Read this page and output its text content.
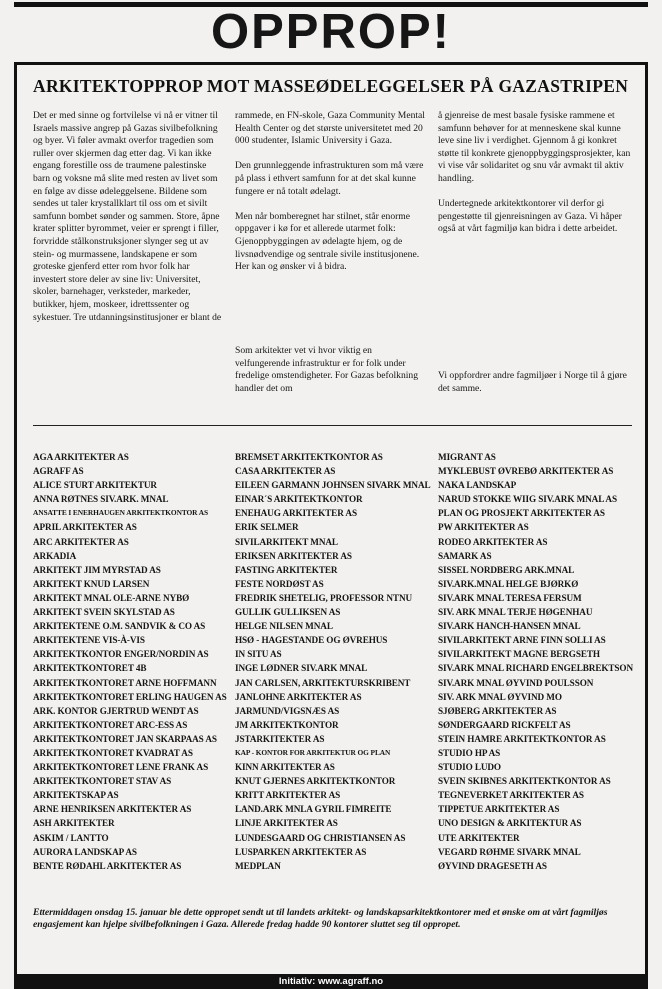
OPPROP!
ARKITEKTOPPROP MOT MASSEØDELEGGELSER PÅ GAZASTRIPEN

Det er med sinne og fortvilelse vi nå er vitner til Israels massive angrep på Gazas sivilbefolkning og byer. Vi føler avmakt overfor tragedien som ruller over skjermen dag etter dag. Vi kan ikke engang forestille oss de traumene palestinske barn og voksne må slite med resten av livet som en følge av disse ødeleggelsene. Bildene som sendes ut taler krystallklart til oss om et sivilt samfunn bombet sønder og sammen. Store, åpne krater splitter byrommet, veier er sprengt i filler, forvridde stålkonstruksjoner slynger seg ut av stein- og murmassene, landskapene er som groteske gjenferd etter rom hvor folk har investert store deler av sine liv: Universitet, skoler, barnehager, verksteder, markeder, butikker, hjem, moskeer, idrettssenter og sykestuer. Tre utdanningsinstitusjoner er blant de

rammede, en FN-skole, Gaza Community Mental Health Center og det største universitetet med 20 000 studenter, Islamic University i Gaza.

Den grunnleggende infrastrukturen som må være på plass i ethvert samfunn for at det skal kunne fungere er nå totalt ødelagt.

Men når bomberegnet har stilnet, står enorme oppgaver i kø for et allerede utarmet folk: Gjenoppbyggingen av ødelagte hjem, og de livsnødvendige og sentrale sivile institusjonene. Her kan og ønsker vi å bidra.

Som arkitekter vet vi hvor viktig en velfungerende infrastruktur er for folk under fredelige omstendigheter. For Gazas befolkning handler det om

å gjenreise de mest basale fysiske rammene et samfunn behøver for at menneskene skal kunne leve sine liv i verdighet. Gjennom å gi konkret støtte til konkrete gjenoppbyggingsprosjekter, kan vi vise vår solidaritet og snu vår avmakt til aktiv handling.

Undertegnede arkitektkontorer vil derfor gi pengestøtte til gjenreisningen av Gaza. Vi håper også at vårt fagmiljø kan bidra i dette arbeidet.

Vi oppfordrer andre fagmiljøer i Norge til å gjøre det samme.

AGA ARKITEKTER AS
AGRAFF AS
ALICE STURT ARKITEKTUR
ANNA RØTNES SIV.ARK. MNAL
ANSATTE I ENERHAUGEN ARKITEKTKONTOR AS
APRIL ARKITEKTER AS
ARC ARKITEKTER AS
ARKADIA
ARKITEKT JIM MYRSTAD AS
ARKITEKT KNUD LARSEN
ARKITEKT MNAL OLE-ARNE NYBØ
ARKITEKT SVEIN SKYLSTAD AS
ARKITEKTENE O.M. SANDVIK & CO AS
ARKITEKTENE VIS-À-VIS
ARKITEKTKONTOR ENGER/NORDIN AS
ARKITEKTKONTORET 4B
ARKITEKTKONTORET ARNE HOFFMANN
ARKITEKTKONTORET ERLING HAUGEN AS
ARK. KONTOR GJERTRUD WENDT AS
ARKITEKTKONTORET ARC-ESS AS
ARKITEKTKONTORET JAN SKARPAAS AS
ARKITEKTKONTORET KVADRAT AS
ARKITEKTKONTORET LENE FRANK AS
ARKITEKTKONTORET STAV AS
ARKITEKTSKAP AS
ARNE HENRIKSEN ARKITEKTER AS
ASH ARKITEKTER
ASKIM / LANTTO
AURORA LANDSKAP AS
BENTE RØDAHL ARKITEKTER AS
BREMSET ARKITEKTKONTOR AS
CASA ARKITEKTER AS
EILEEN GARMANN JOHNSEN SIVARK MNAL
EINAR´S ARKITEKTKONTOR
ENEHAUG ARKITEKTER AS
ERIK SELMER
SIVILARKITEKT MNAL
ERIKSEN ARKITEKTER AS
FASTING ARKITEKTER
FESTE NORDØST AS
FREDRIK SHETELIG, PROFESSOR NTNU
GULLIK GULLIKSEN AS
HELGE NILSEN MNAL
HSØ - HAGESTANDE OG ØVREHUS
IN SITU AS
INGE LØDNER SIV.ARK MNAL
JAN CARLSEN, ARKITEKTURSKRIBENT
JANLOHNE ARKITEKTER AS
JARMUND/VIGSNÆS AS
JM ARKITEKTKONTOR
JSTARKITEKTER AS
KAP - KONTOR FOR ARKITEKTUR OG PLAN
KINN ARKITEKTER AS
KNUT GJERNES ARKITEKTKONTOR
KRITT ARKITEKTER AS
LAND.ARK MNLA GYRIL FIMREITE
LINJE ARKITEKTER AS
LUNDESGAARD OG CHRISTIANSEN AS
LUSPARKEN ARKITEKTER AS
MEDPLAN
MIGRANT AS
MYKLEBUST ØVREBØ ARKITEKTER AS
NAKA LANDSKAP
NARUD STOKKE WIIG SIV.ARK MNAL AS
PLAN OG PROSJEKT ARKITEKTER AS
PW ARKITEKTER AS
RODEO ARKITEKTER AS
SAMARK AS
SISSEL NORDBERG ARK.MNAL
SIV.ARK.MNAL HELGE BJØRKØ
SIV.ARK MNAL TERESA FERSUM
SIV. ARK MNAL TERJE HØGENHAU
SIV.ARK HANCH-HANSEN MNAL
SIVILARKITEKT ARNE FINN SOLLI AS
SIVILARKITEKT MAGNE BERGSETH
SIV.ARK MNAL RICHARD ENGELBREKTSON
SIV.ARK MNAL ØYVIND POULSSON
SIV. ARK MNAL ØYVIND MO
SJØBERG ARKITEKTER AS
SØNDERGAARD RICKFELT AS
STEIN HAMRE ARKITEKTKONTOR AS
STUDIO HP AS
STUDIO LUDO
SVEIN SKIBNES ARKITEKTKONTOR AS
TEGNEVERKET ARKITEKTER AS
TIPPETUE ARKITEKTER AS
UNO DESIGN & ARKITEKTUR AS
UTE ARKITEKTER
VEGARD RØHME SIVARK MNAL
ØYVIND DRAGESETH AS
Ettermiddagen onsdag 15. januar ble dette oppropet sendt ut til landets arkitekt- og landskapsarkitektkontorer med et ønske om at vårt fagmiljøs engasjement kan hjelpe sivilbefolkningen i Gaza. Allerede fredag hadde 90 kontorer sluttet seg til oppropet.
Initiativ: www.agraff.no
